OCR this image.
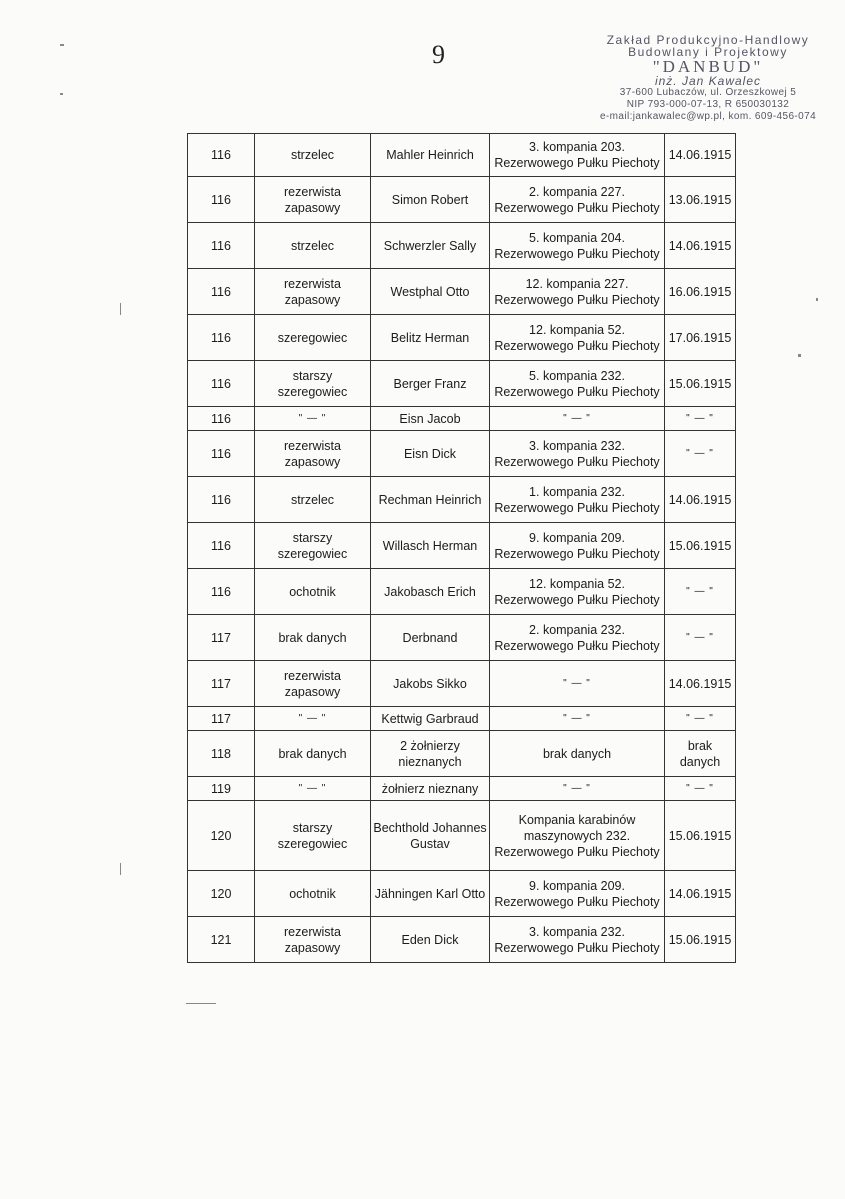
9	Zakład Produkcyjno-Handlowy
Budowlany i Projektowy
"DANBUD"
inż. Jan Kawalec
37-600 Lubaczów, ul. Orzeszkowej 5
NIP 793-000-07-13, R 650030132
e-mail:jankawalec@wp.pl, kom. 609-456-074
116	strzelec	Mahler Heinrich	3. kompania 203. Rezerwowego Pułku Piechoty	14.06.1915
116	rezerwista zapasowy	Simon Robert	2. kompania 227. Rezerwowego Pułku Piechoty	13.06.1915
116	strzelec	Schwerzler Sally	5. kompania 204. Rezerwowego Pułku Piechoty	14.06.1915
116	rezerwista zapasowy	Westphal Otto	12. kompania 227. Rezerwowego Pułku Piechoty	16.06.1915
116	szeregowiec	Belitz Herman	12. kompania 52. Rezerwowego Pułku Piechoty	17.06.1915
116	starszy szeregowiec	Berger Franz	5. kompania 232. Rezerwowego Pułku Piechoty	15.06.1915
116	" — "	Eisn Jacob	" — "	" — "
116	rezerwista zapasowy	Eisn Dick	3. kompania 232. Rezerwowego Pułku Piechoty	" — "
116	strzelec	Rechman Heinrich	1. kompania 232. Rezerwowego Pułku Piechoty	14.06.1915
116	starszy szeregowiec	Willasch Herman	9. kompania 209. Rezerwowego Pułku Piechoty	15.06.1915
116	ochotnik	Jakobasch Erich	12. kompania 52. Rezerwowego Pułku Piechoty	" — "
117	brak danych	Derbnand	2. kompania 232. Rezerwowego Pułku Piechoty	" — "
117	rezerwista zapasowy	Jakobs Sikko	" — "	14.06.1915
117	" — "	Kettwig Garbraud	" — "	" — "
118	brak danych	2 żołnierzy nieznanych	brak danych	brak danych
119	" — "	żołnierz nieznany	" — "	" — "
120	starszy szeregowiec	Bechthold Johannes Gustav	Kompania karabinów maszynowych 232. Rezerwowego Pułku Piechoty	15.06.1915
120	ochotnik	Jähningen Karl Otto	9. kompania 209. Rezerwowego Pułku Piechoty	14.06.1915
121	rezerwista zapasowy	Eden Dick	3. kompania 232. Rezerwowego Pułku Piechoty	15.06.1915
